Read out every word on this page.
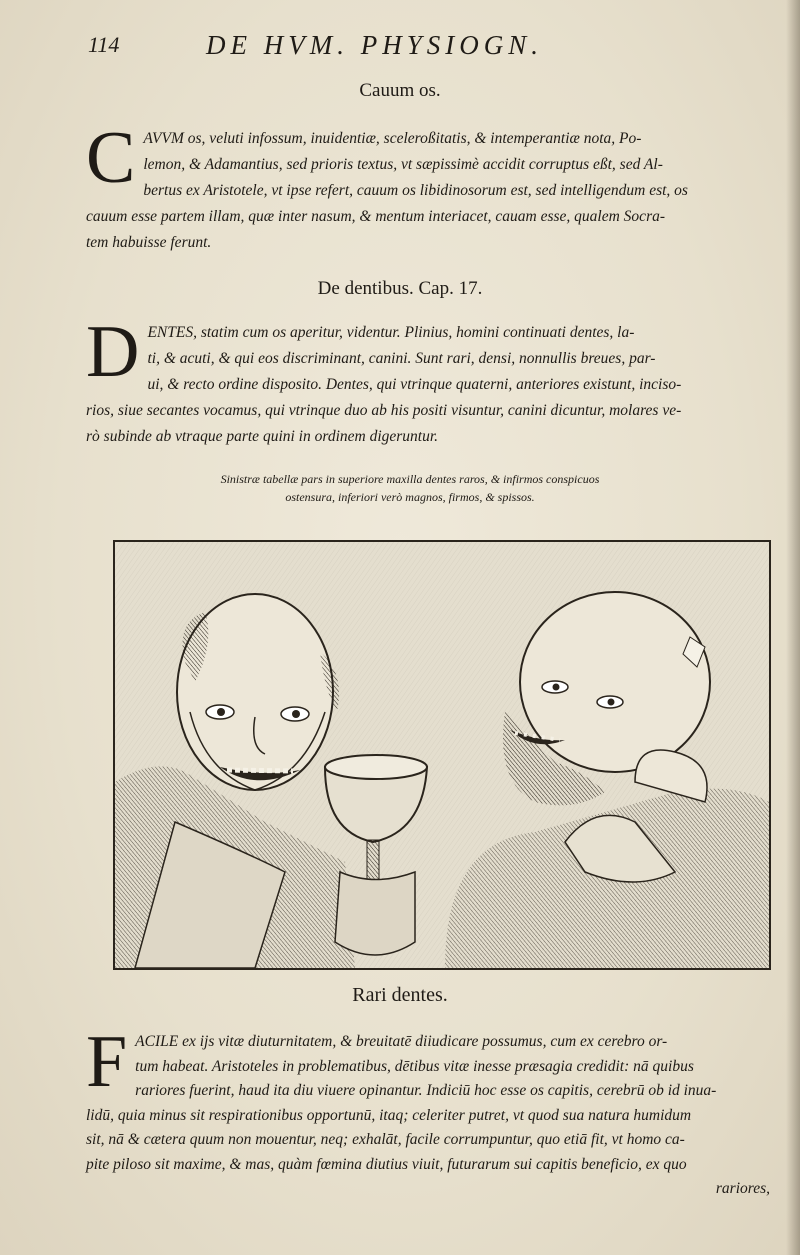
114	DE HVM. PHYSIOGN.
Cauum os.
C AVVM os, veluti infossum, inuidentiæ, sceleroßitatis, & intemperantiæ nota, Po-
lemon, & Adamantius, sed prioris textus, vt sæpissimè accidit corruptus eßt, sed Al-
bertus ex Aristotele, vt ipse refert, cauum os libidinosorum est, sed intelligendum est, os
cauum esse partem illam, quæ inter nasum, & mentum interiacet, cauam esse, qualem Socra-
tem habuisse ferunt.
De dentibus. Cap. 17.
D ENTES, statim cum os aperitur, videntur. Plinius, homini continuati dentes, la-
ti, & acuti, & qui eos discriminant, canini. Sunt rari, densi, nonnullis breues, par-
ui, & recto ordine disposito. Dentes, qui vtrinque quaterni, anteriores existunt, inciso-
rios, siue secantes vocamus, qui vtrinque duo ab his positi visuntur, canini dicuntur, molares ve-
rò subinde ab vtraque parte quini in ordinem digeruntur.
Sinistræ tabellæ pars in superiore maxilla dentes raros, & infirmos conspicuos
ostensura, inferiori verò magnos, firmos, & spissos.
Rari dentes.
F ACILE ex ijs vitæ diuturnitatem, & breuitatē diiudicare possumus, cum ex cerebro or-
tum habeat. Aristoteles in problematibus, dētibus vitæ inesse præsagia credidit: nā quibus
rariores fuerint, haud ita diu viuere opinantur. Indiciū hoc esse os capitis, cerebrū ob id inua-
lidū, quia minus sit respirationibus opportunū, itaq; celeriter putret, vt quod sua natura humidum
sit, nā & cætera quum non mouentur, neq; exhalāt, facile corrumpuntur, quo etiā fit, vt homo ca-
pite piloso sit maxime, & mas, quàm fœmina diutius viuit, futurarum sui capitis beneficio, ex quo
rariores,
